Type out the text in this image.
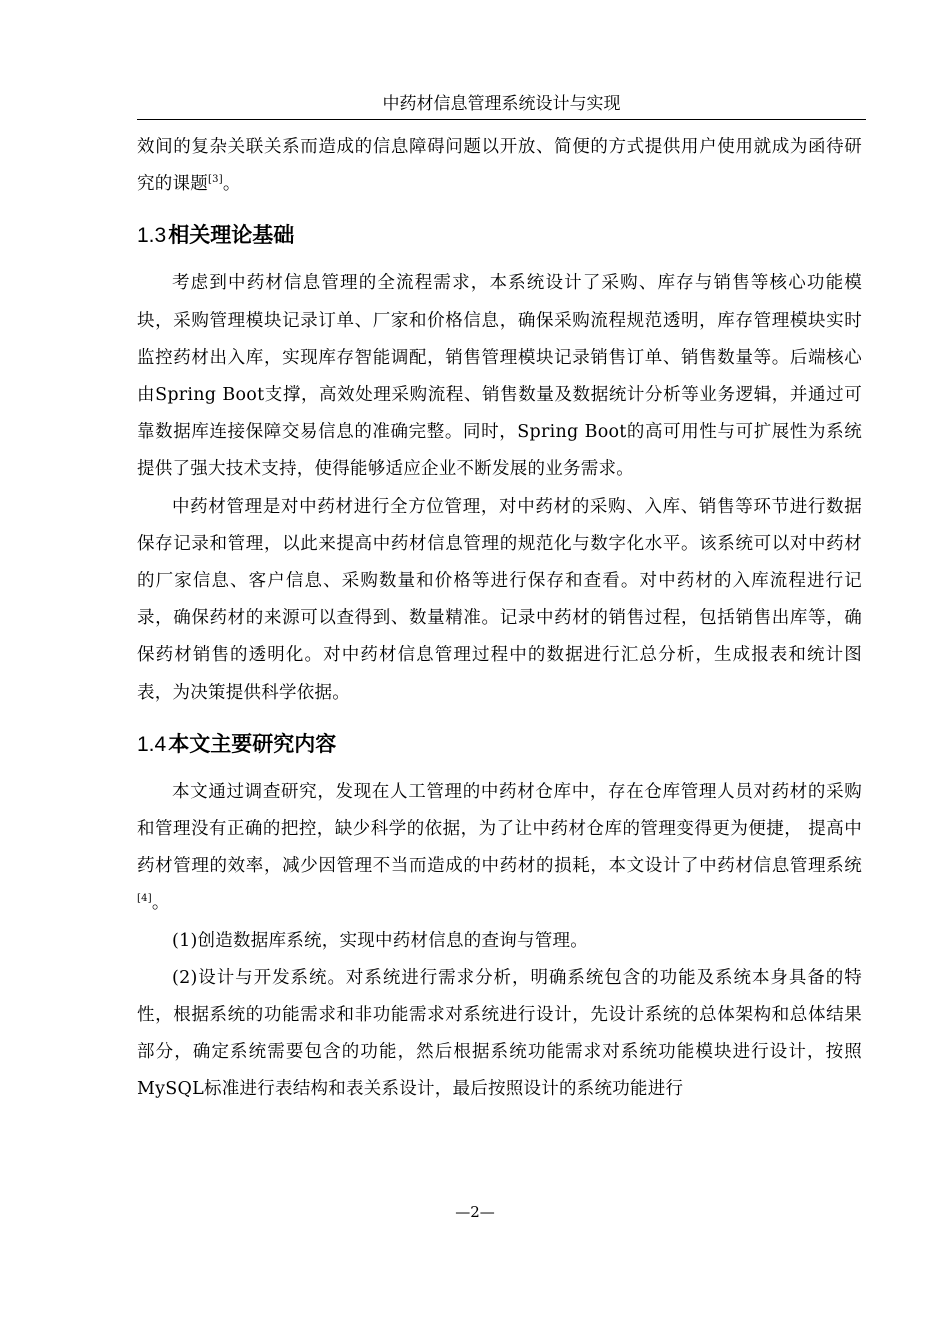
中药材信息管理系统设计与实现

效间的复杂关联关系而造成的信息障碍问题以开放、简便的方式提供用户使用就成为函待研究的课题[3]。

1.3相关理论基础

考虑到中药材信息管理的全流程需求，本系统设计了采购、库存与销售等核心功能模块，采购管理模块记录订单、厂家和价格信息，确保采购流程规范透明，库存管理模块实时监控药材出入库，实现库存智能调配，销售管理模块记录销售订单、销售数量等。后端核心由Spring Boot支撑，高效处理采购流程、销售数量及数据统计分析等业务逻辑，并通过可靠数据库连接保障交易信息的准确完整。同时，Spring Boot的高可用性与可扩展性为系统提供了强大技术支持，使得能够适应企业不断发展的业务需求。

中药材管理是对中药材进行全方位管理，对中药材的采购、入库、销售等环节进行数据保存记录和管理，以此来提高中药材信息管理的规范化与数字化水平。该系统可以对中药材的厂家信息、客户信息、采购数量和价格等进行保存和查看。对中药材的入库流程进行记录，确保药材的来源可以查得到、数量精准。记录中药材的销售过程，包括销售出库等，确保药材销售的透明化。对中药材信息管理过程中的数据进行汇总分析，生成报表和统计图表，为决策提供科学依据。

1.4本文主要研究内容

本文通过调查研究，发现在人工管理的中药材仓库中，存在仓库管理人员对药材的采购和管理没有正确的把控，缺少科学的依据，为了让中药材仓库的管理变得更为便捷， 提高中药材管理的效率，减少因管理不当而造成的中药材的损耗，本文设计了中药材信息管理系统[4]。

(1)创造数据库系统，实现中药材信息的查询与管理。

(2)设计与开发系统。对系统进行需求分析，明确系统包含的功能及系统本身具备的特性，根据系统的功能需求和非功能需求对系统进行设计，先设计系统的总体架构和总体结果部分，确定系统需要包含的功能，然后根据系统功能需求对系统功能模块进行设计，按照MySQL标准进行表结构和表关系设计，最后按照设计的系统功能进行

—2—
